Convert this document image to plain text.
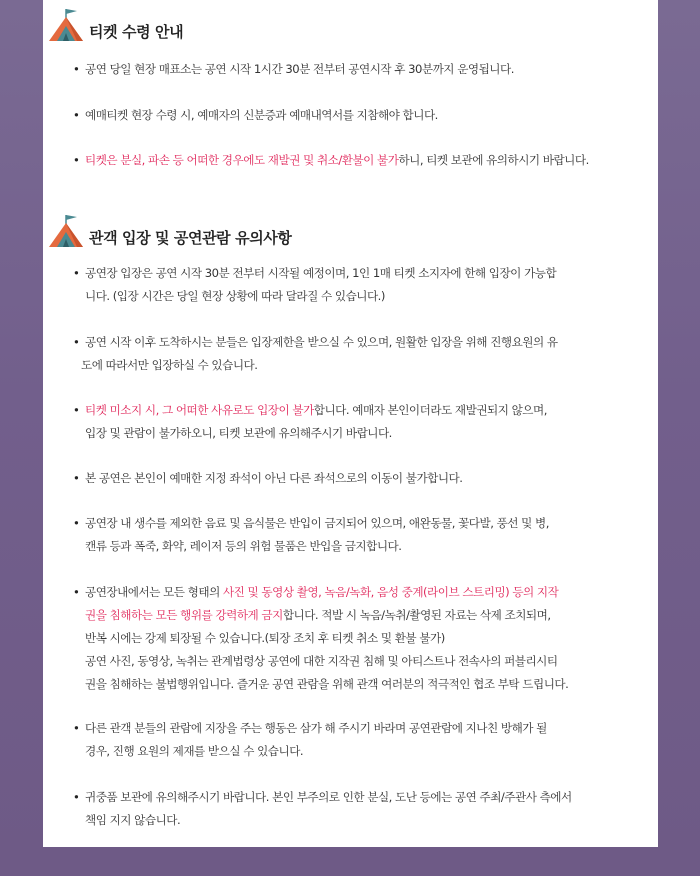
티켓 수령 안내
• 공연 당일 현장 매표소는 공연 시작 1시간 30분 전부터 공연시작 후 30분까지 운영됩니다.
• 예매티켓 현장 수령 시, 예매자의 신분증과 예매내역서를 지참해야 합니다.
• 티켓은 분실, 파손 등 어떠한 경우에도 재발권 및 취소/환불이 불가하니, 티켓 보관에 유의하시기 바랍니다.
관객 입장 및 공연관람 유의사항
• 공연장 입장은 공연 시작 30분 전부터 시작될 예정이며, 1인 1매 티켓 소지자에 한해 입장이 가능합
니다. (입장 시간은 당일 현장 상황에 따라 달라질 수 있습니다.)
• 공연 시작 이후 도착하시는 분들은 입장제한을 받으실 수 있으며, 원활한 입장을 위해 진행요원의 유
도에 따라서만 입장하실 수 있습니다.
• 티켓 미소지 시, 그 어떠한 사유로도 입장이 불가합니다. 예매자 본인이더라도 재발권되지 않으며,
입장 및 관람이 불가하오니, 티켓 보관에 유의해주시기 바랍니다.
• 본 공연은 본인이 예매한 지정 좌석이 아닌 다른 좌석으로의 이동이 불가합니다.
• 공연장 내 생수를 제외한 음료 및 음식물은 반입이 금지되어 있으며, 애완동물, 꽃다발, 풍선 및 병,
캔류 등과 폭죽, 화약, 레이저 등의 위험 물품은 반입을 금지합니다.
• 공연장내에서는 모든 형태의 사진 및 동영상 촬영, 녹음/녹화, 음성 중계(라이브 스트리밍) 등의 지작
권을 침해하는 모든 행위를 강력하게 금지합니다. 적발 시 녹음/녹취/촬영된 자료는 삭제 조치되며,
반복 시에는 강제 퇴장될 수 있습니다.(퇴장 조치 후 티켓 취소 및 환불 불가)
공연 사진, 동영상, 녹취는 관계법령상 공연에 대한 지작권 침해 및 아티스트나 전속사의 퍼블리시티
권을 침해하는 불법행위입니다. 즐거운 공연 관람을 위해 관객 여러분의 적극적인 협조 부탁 드립니다.
• 다른 관객 분들의 관람에 지장을 주는 행동은 삼가 해 주시기 바라며 공연관람에 지나친 방해가 될
경우, 진행 요원의 제재를 받으실 수 있습니다.
• 귀중품 보관에 유의해주시기 바랍니다. 본인 부주의로 인한 분실, 도난 등에는 공연 주최/주관사 측에서
책임 지지 않습니다.
